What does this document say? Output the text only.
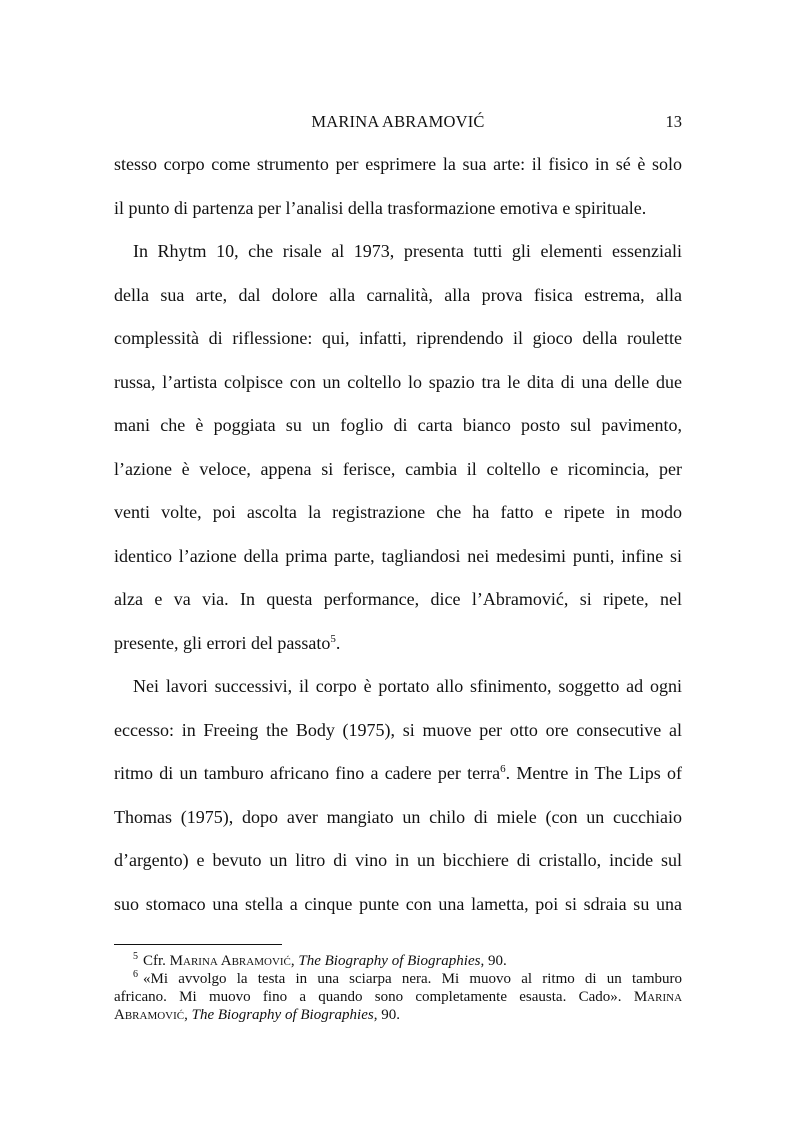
MARINA ABRAMOVIĆ	13
stesso corpo come strumento per esprimere la sua arte: il fisico in sé è solo
il punto di partenza per l’analisi della trasformazione emotiva e spirituale.
In Rhytm 10, che risale al 1973, presenta tutti gli elementi essenziali
della sua arte, dal dolore alla carnalità, alla prova fisica estrema, alla
complessità di riflessione: qui, infatti, riprendendo il gioco della roulette
russa, l’artista colpisce con un coltello lo spazio tra le dita di una delle due
mani che è poggiata su un foglio di carta bianco posto sul pavimento,
l’azione è veloce, appena si ferisce, cambia il coltello e ricomincia, per
venti volte, poi ascolta la registrazione che ha fatto e ripete in modo
identico l’azione della prima parte, tagliandosi nei medesimi punti, infine si
alza e va via. In questa performance, dice l’Abramović, si ripete, nel
presente, gli errori del passato$^5$.
Nei lavori successivi, il corpo è portato allo sfinimento, soggetto ad ogni
eccesso: in Freeing the Body (1975), si muove per otto ore consecutive al
ritmo di un tamburo africano fino a cadere per terra$^6$. Mentre in The Lips of
Thomas (1975), dopo aver mangiato un chilo di miele (con un cucchiaio
d’argento) e bevuto un litro di vino in un bicchiere di cristallo, incide sul
suo stomaco una stella a cinque punte con una lametta, poi si sdraia su una
$^5$ Cfr. Marina Abramović, The Biography of Biographies, 90.
$^6$ «Mi avvolgo la testa in una sciarpa nera. Mi muovo al ritmo di un tamburo
africano. Mi muovo fino a quando sono completamente esausta. Cado». Marina
Abramović, The Biography of Biographies, 90.
